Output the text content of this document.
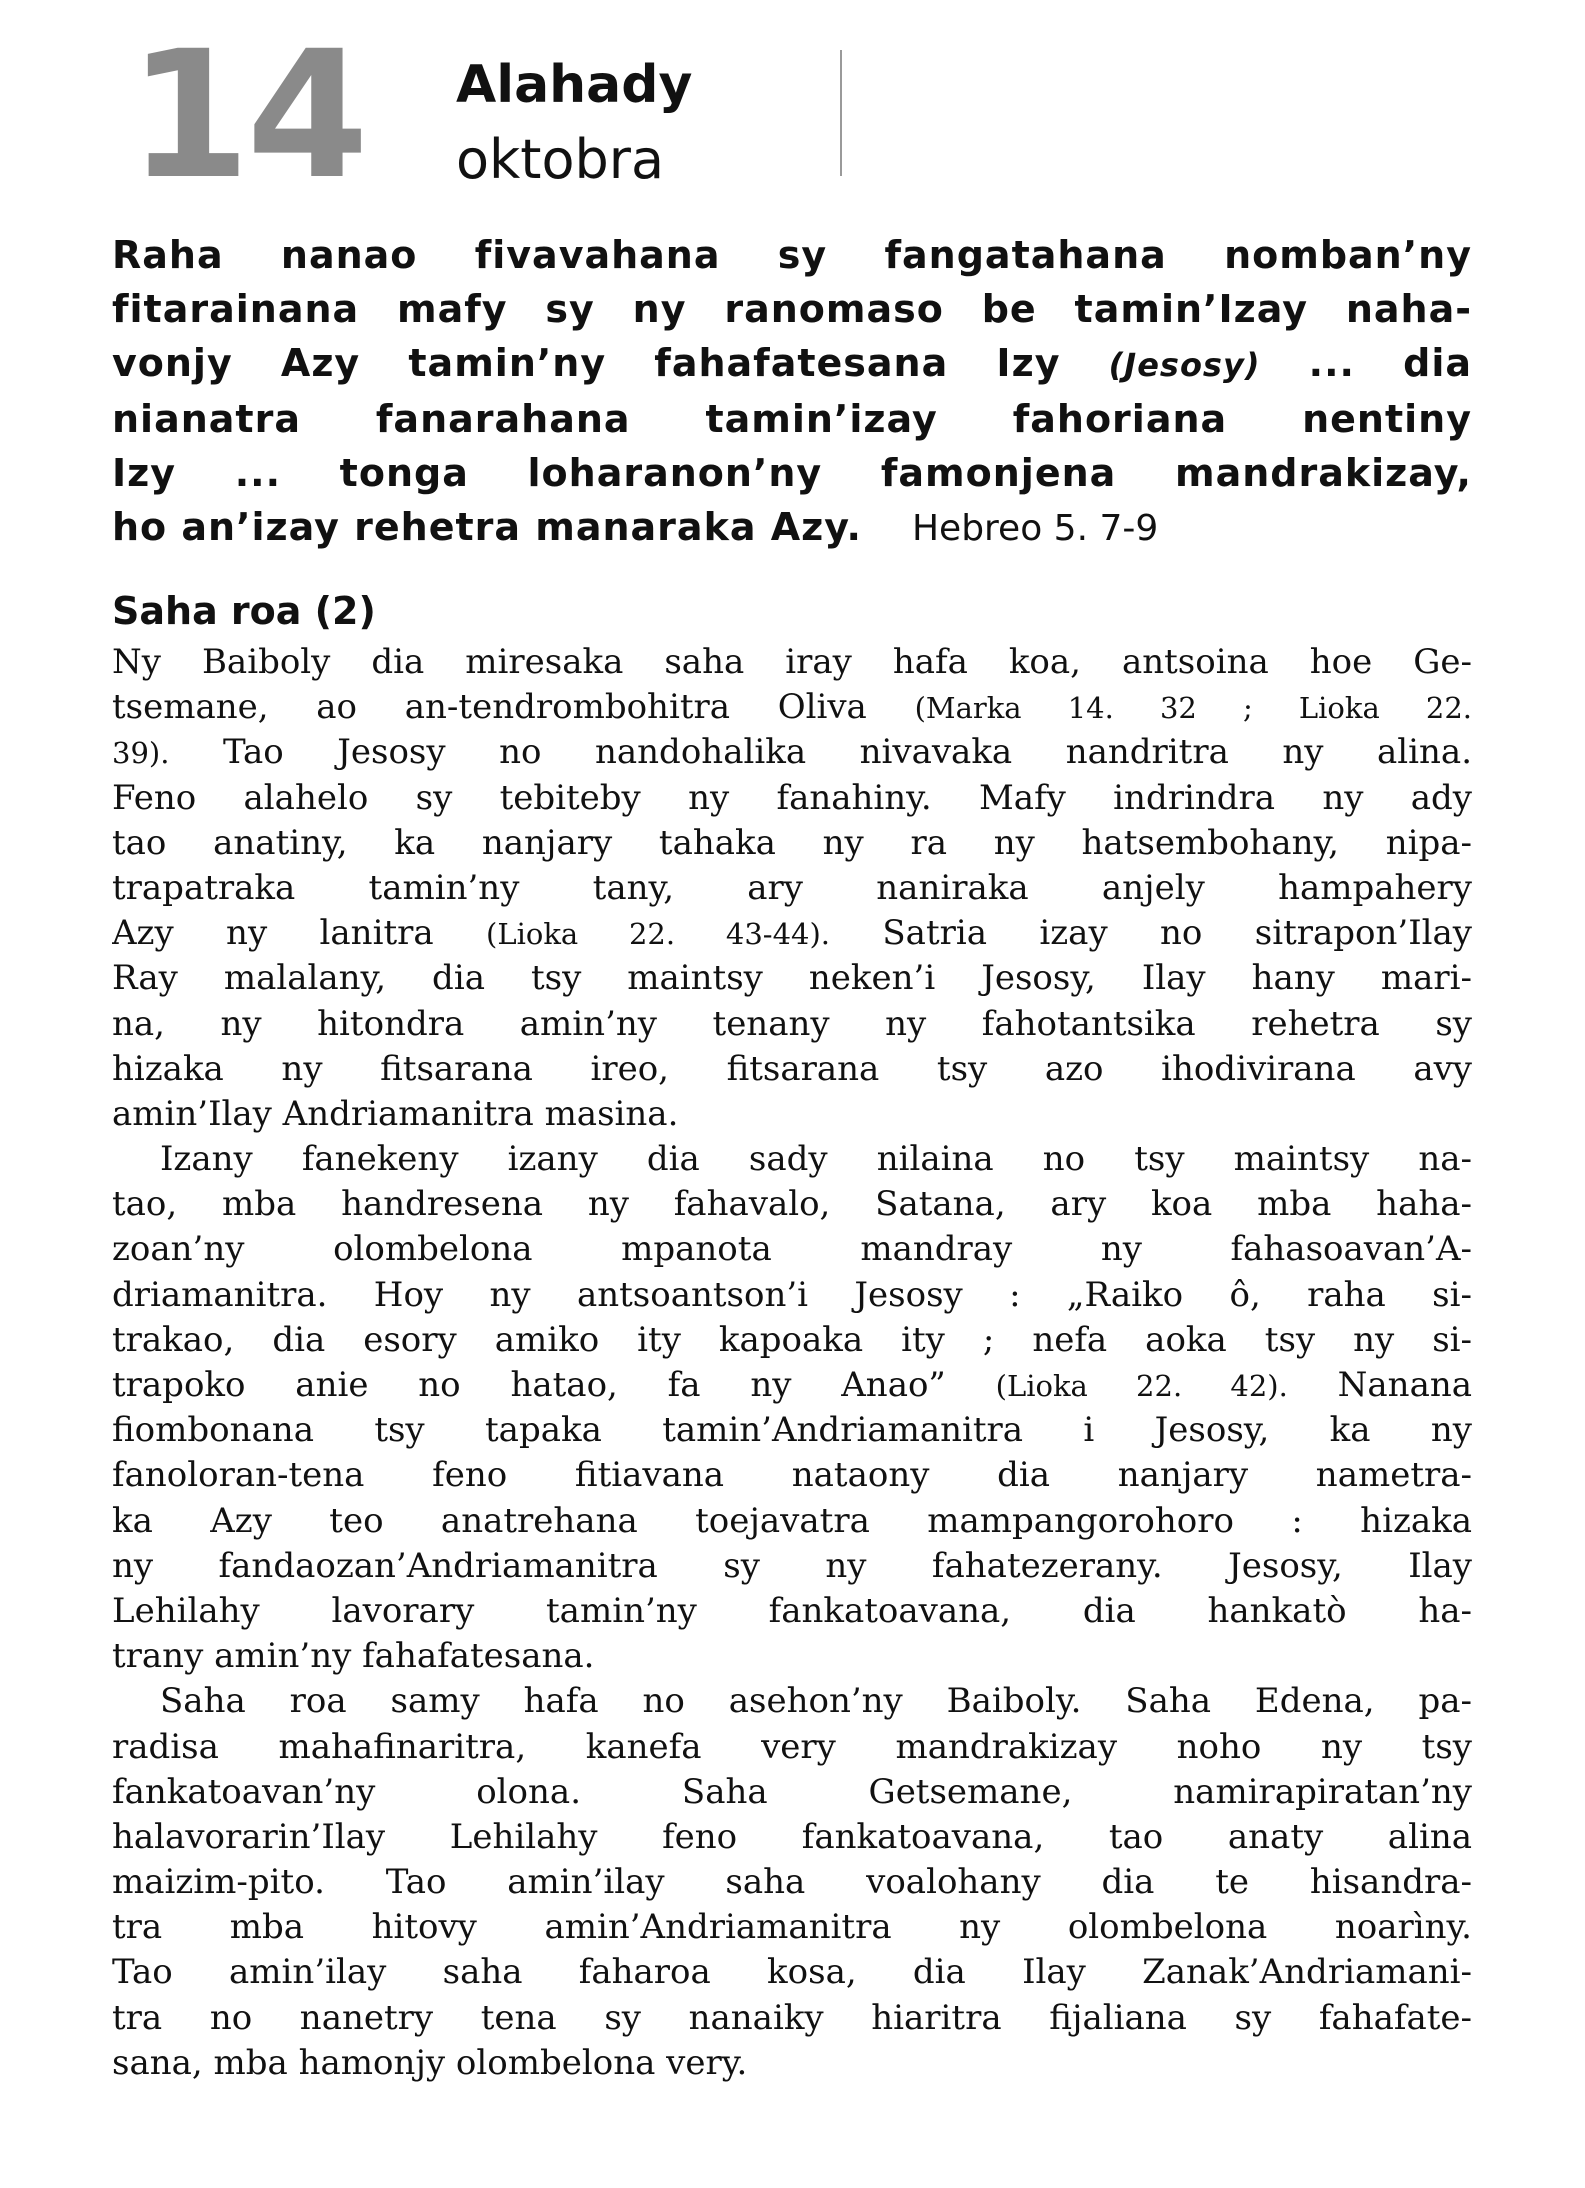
14 Alahady
oktobra
Raha nanao fivavahana sy fangatahana nomban’ny
fitarainana mafy sy ny ranomaso be tamin’Izay naha-
vonjy Azy tamin’ny fahafatesana Izy (Jesosy) ... dia
nianatra fanarahana tamin’izay fahoriana nentiny
Izy ... tonga loharanon’ny famonjena mandrakizay,
ho an’izay rehetra manaraka Azy. Hebreo 5. 7-9
Saha roa (2)
Ny Baiboly dia miresaka saha iray hafa koa, antsoina hoe Ge-
tsemane, ao an-tendrombohitra Oliva (Marka 14. 32 ; Lioka 22.
39). Tao Jesosy no nandohalika nivavaka nandritra ny alina.
Feno alahelo sy tebiteby ny fanahiny. Mafy indrindra ny ady
tao anatiny, ka nanjary tahaka ny ra ny hatsembohany, nipa-
trapatraka tamin’ny tany, ary naniraka anjely hampahery
Azy ny lanitra (Lioka 22. 43-44). Satria izay no sitrapon’Ilay
Ray malalany, dia tsy maintsy neken’i Jesosy, Ilay hany mari-
na, ny hitondra amin’ny tenany ny fahotantsika rehetra sy
hizaka ny fitsarana ireo, fitsarana tsy azo ihodivirana avy
amin’Ilay Andriamanitra masina.
Izany fanekeny izany dia sady nilaina no tsy maintsy na-
tao, mba handresena ny fahavalo, Satana, ary koa mba haha-
zoan’ny olombelona mpanota mandray ny fahasoavan’A-
driamanitra. Hoy ny antsoantson’i Jesosy : „Raiko ô, raha si-
trakao, dia esory amiko ity kapoaka ity ; nefa aoka tsy ny si-
trapoko anie no hatao, fa ny Anao” (Lioka 22. 42). Nanana
fiombonana tsy tapaka tamin’Andriamanitra i Jesosy, ka ny
fanoloran-tena feno fitiavana nataony dia nanjary nametra-
ka Azy teo anatrehana toejavatra mampangorohoro : hizaka
ny fandaozan’Andriamanitra sy ny fahatezerany. Jesosy, Ilay
Lehilahy lavorary tamin’ny fankatoavana, dia hankatò ha-
trany amin’ny fahafatesana.
Saha roa samy hafa no asehon’ny Baiboly. Saha Edena, pa-
radisa mahafinaritra, kanefa very mandrakizay noho ny tsy
fankatoavan’ny olona. Saha Getsemane, namirapiratan’ny
halavorarin’Ilay Lehilahy feno fankatoavana, tao anaty alina
maizim-pito. Tao amin’ilay saha voalohany dia te hisandra-
tra mba hitovy amin’Andriamanitra ny olombelona noarìny.
Tao amin’ilay saha faharoa kosa, dia Ilay Zanak’Andriamani-
tra no nanetry tena sy nanaiky hiaritra fijaliana sy fahafate-
sana, mba hamonjy olombelona very.
